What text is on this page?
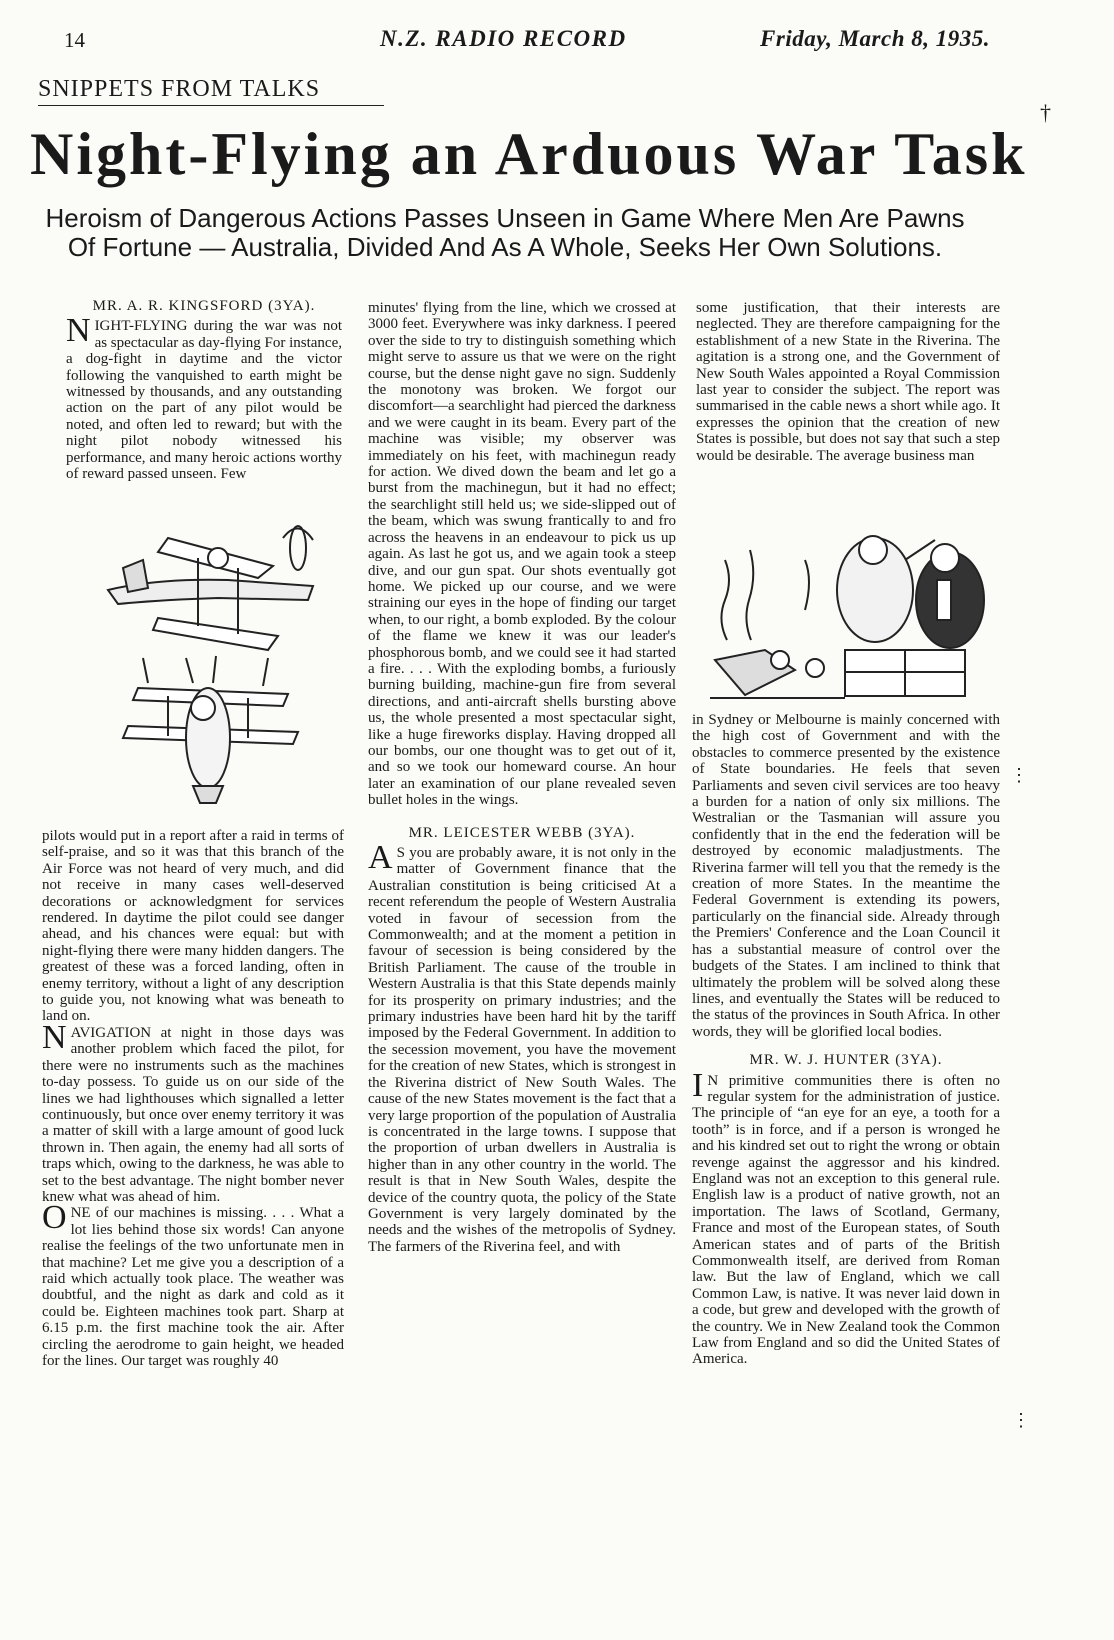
14	N.Z. RADIO RECORD	Friday, March 8, 1935.
SNIPPETS FROM TALKS
Night-Flying an Arduous War Task
Heroism of Dangerous Actions Passes Unseen in Game Where Men Are Pawns Of Fortune — Australia, Divided And As A Whole, Seeks Her Own Solutions.
MR. A. R. KINGSFORD (3YA).

NIGHT-FLYING during the war was not as spectacular as day-flying For instance, a dog-fight in daytime and the victor following the vanquished to earth might be witnessed by thousands, and any outstanding action on the part of any pilot would be noted, and often led to reward; but with the night pilot nobody witnessed his performance, and many heroic actions worthy of reward passed unseen. Few

pilots would put in a report after a raid in terms of self-praise, and so it was that this branch of the Air Force was not heard of very much, and did not receive in many cases well-deserved decorations or acknowledgment for services rendered. In daytime the pilot could see danger ahead, and his chances were equal: but with night-flying there were many hidden dangers. The greatest of these was a forced landing, often in enemy territory, without a light of any description to guide you, not knowing what was beneath to land on.

NAVIGATION at night in those days was another problem which faced the pilot, for there were no instruments such as the machines to-day possess. To guide us on our side of the lines we had lighthouses which signalled a letter continuously, but once over enemy territory it was a matter of skill with a large amount of good luck thrown in. Then again, the enemy had all sorts of traps which, owing to the darkness, he was able to set to the best advantage. The night bomber never knew what was ahead of him.

ONE of our machines is missing. . . . What a lot lies behind those six words! Can anyone realise the feelings of the two unfortunate men in that machine? Let me give you a description of a raid which actually took place. The weather was doubtful, and the night as dark and cold as it could be. Eighteen machines took part. Sharp at 6.15 p.m. the first machine took the air. After circling the aerodrome to gain height, we headed for the lines. Our target was roughly 40

minutes' flying from the line, which we crossed at 3000 feet. Everywhere was inky darkness. I peered over the side to try to distinguish something which might serve to assure us that we were on the right course, but the dense night gave no sign. Suddenly the monotony was broken. We forgot our discomfort—a searchlight had pierced the darkness and we were caught in its beam. Every part of the machine was visible; my observer was immediately on his feet, with machinegun ready for action. We dived down the beam and let go a burst from the machinegun, but it had no effect; the searchlight still held us; we side-slipped out of the beam, which was swung frantically to and fro across the heavens in an endeavour to pick us up again. As last he got us, and we again took a steep dive, and our gun spat. Our shots eventually got home. We picked up our course, and we were straining our eyes in the hope of finding our target when, to our right, a bomb exploded. By the colour of the flame we knew it was our leader's phosphorous bomb, and we could see it had started a fire. . . . With the exploding bombs, a furiously burning building, machine-gun fire from several directions, and anti-aircraft shells bursting above us, the whole presented a most spectacular sight, like a huge fireworks display. Having dropped all our bombs, our one thought was to get out of it, and so we took our homeward course. An hour later an examination of our plane revealed seven bullet holes in the wings.

MR. LEICESTER WEBB (3YA).

A S you are probably aware, it is not only in the matter of Government finance that the Australian constitution is being criticised At a recent referendum the people of Western Australia voted in favour of secession from the Commonwealth; and at the moment a petition in favour of secession is being considered by the British Parliament. The cause of the trouble in Western Australia is that this State depends mainly for its prosperity on primary industries; and the primary industries have been hard hit by the tariff imposed by the Federal Government. In addition to the secession movement, you have the movement for the creation of new States, which is strongest in the Riverina district of New South Wales. The cause of the new States movement is the fact that a very large proportion of the population of Australia is concentrated in the large towns. I suppose that the proportion of urban dwellers in Australia is higher than in any other country in the world. The result is that in New South Wales, despite the device of the country quota, the policy of the State Government is very largely dominated by the needs and the wishes of the metropolis of Sydney. The farmers of the Riverina feel, and with

some justification, that their interests are neglected. They are therefore campaigning for the establishment of a new State in the Riverina. The agitation is a strong one, and the Government of New South Wales appointed a Royal Commission last year to consider the subject. The report was summarised in the cable news a short while ago. It expresses the opinion that the creation of new States is possible, but does not say that such a step would be desirable. The average business man

in Sydney or Melbourne is mainly concerned with the high cost of Government and with the obstacles to commerce presented by the existence of State boundaries. He feels that seven Parliaments and seven civil services are too heavy a burden for a nation of only six millions. The Westralian or the Tasmanian will assure you confidently that in the end the federation will be destroyed by economic maladjustments. The Riverina farmer will tell you that the remedy is the creation of more States. In the meantime the Federal Government is extending its powers, particularly on the financial side. Already through the Premiers' Conference and the Loan Council it has a substantial measure of control over the budgets of the States. I am inclined to think that ultimately the problem will be solved along these lines, and eventually the States will be reduced to the status of the provinces in South Africa. In other words, they will be glorified local bodies.

MR. W. J. HUNTER (3YA).

I N primitive communities there is often no regular system for the administration of justice. The principle of “an eye for an eye, a tooth for a tooth” is in force, and if a person is wronged he and his kindred set out to right the wrong or obtain revenge against the aggressor and his kindred. England was not an exception to this general rule. English law is a product of native growth, not an importation. The laws of Scotland, Germany, France and most of the European states, of South American states and of parts of the British Commonwealth itself, are derived from Roman law. But the law of England, which we call Common Law, is native. It was never laid down in a code, but grew and developed with the growth of the country. We in New Zealand took the Common Law from England and so did the United States of America.

†
⋮
⋮
